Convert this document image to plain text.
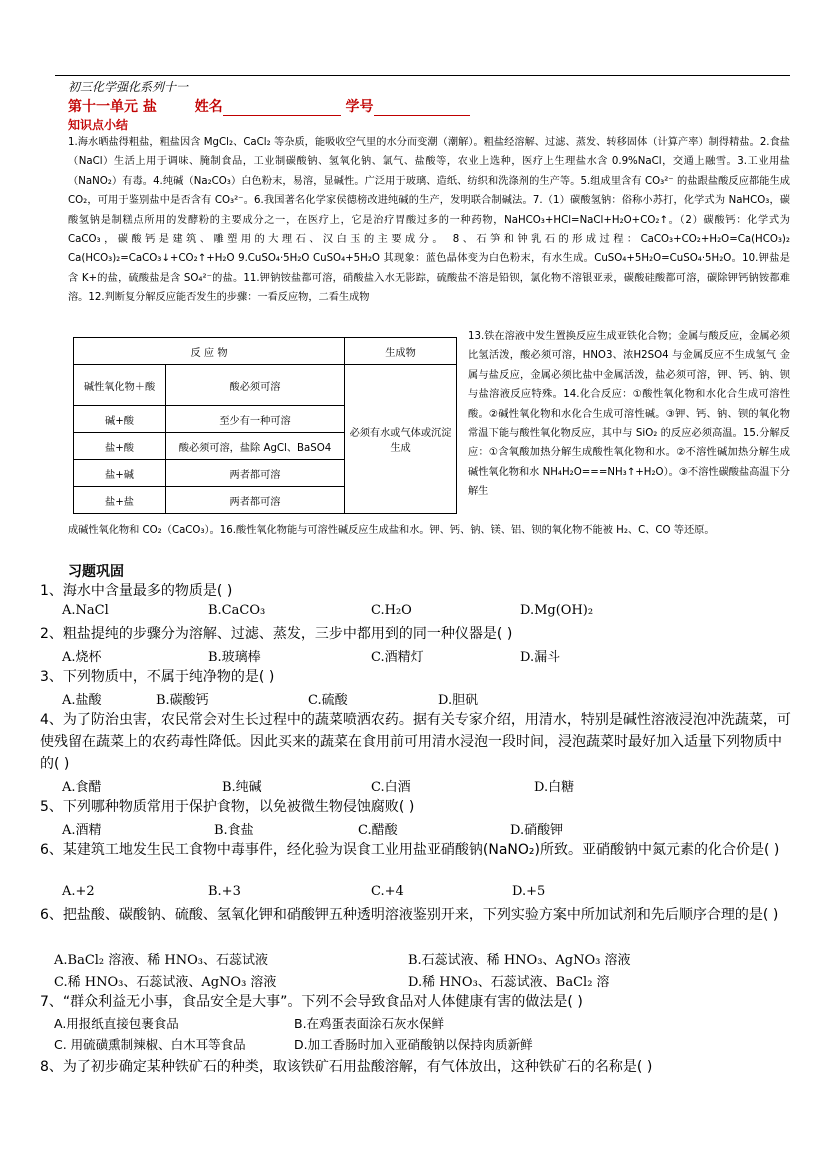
初三化学强化系列十一
第十一单元 盐	姓名	学号
知识点小结

1.海水晒盐得粗盐，粗盐因含 MgCl₂、CaCl₂ 等杂质，能吸收空气里的水分而变潮（潮解）。粗盐经溶解、过滤、蒸发、转移固体（计算产率）制得精盐。2.食盐（NaCl）生活上用于调味、腌制食品，工业制碳酸钠、氢氧化钠、氯气、盐酸等，农业上选种，医疗上生理盐水含 0.9%NaCl，交通上融雪。3.工业用盐（NaNO₂）有毒。4.纯碱（Na₂CO₃）白色粉末，易溶，显碱性。广泛用于玻璃、造纸、纺织和洗涤剂的生产等。5.组成里含有 CO₃²⁻ 的盐跟盐酸反应都能生成 CO₂，可用于鉴别盐中是否含有 CO₃²⁻。6.我国著名化学家侯德榜改进纯碱的生产，发明联合制碱法。7.（1）碳酸氢钠：俗称小苏打，化学式为 NaHCO₃，碳酸氢钠是制糕点所用的发酵粉的主要成分之一，在医疗上，它是治疗胃酸过多的一种药物，NaHCO₃+HCl=NaCl+H₂O+CO₂↑。（2）碳酸钙：化学式为 CaCO₃，碳酸钙是建筑、雕塑用的大理石、汉白玉的主要成分。 8、石笋和钟乳石的形成过程：CaCO₃+CO₂+H₂O=Ca(HCO₃)₂ Ca(HCO₃)₂=CaCO₃↓+CO₂↑+H₂O 9.CuSO₄·5H₂O CuSO₄+5H₂O 其现象：蓝色晶体变为白色粉末，有水生成。CuSO₄+5H₂O=CuSO₄·5H₂O。10.钾盐是含 K+的盐，硫酸盐是含 SO₄²⁻的盐。11.钾钠铵盐都可溶，硝酸盐入水无影踪，硫酸盐不溶是铅钡，氯化物不溶银亚汞，碳酸硅酸都可溶，碳除钾钙钠铵都难溶。12.判断复分解反应能否发生的步骤：一看反应物，二看生成物

反 应 物		生成物
碱性氧化物＋酸	酸必须可溶	必须有水或气体或沉淀生成
碱+酸	至少有一种可溶	
盐+酸	酸必须可溶，盐除 AgCl、BaSO4	
盐+碱	两者都可溶	
盐+盐	两者都可溶	
13.铁在溶液中发生置换反应生成亚铁化合物；金属与酸反应，金属必须比氢活泼，酸必须可溶，HNO3、浓H2SO4 与金属反应不生成氢气 金属与盐反应，金属必须比盐中金属活泼，盐必须可溶，钾、钙、钠、钡与盐溶液反应特殊。14.化合反应：①酸性氧化物和水化合生成可溶性酸。②碱性氧化物和水化合生成可溶性碱。③钾、钙、钠、钡的氧化物常温下能与酸性氧化物反应，其中与 SiO₂ 的反应必须高温。15.分解反应：①含氧酸加热分解生成酸性氧化物和水。②不溶性碱加热分解生成碱性氧化物和水 NH₄H₂O===NH₃↑+H₂O）。③不溶性碳酸盐高温下分解生
成碱性氧化物和 CO₂（CaCO₃）。16.酸性氧化物能与可溶性碱反应生成盐和水。钾、钙、钠、镁、铝、钡的氧化物不能被 H₂、C、CO 等还原。
习题巩固
1、海水中含量最多的物质是( )
A.NaCl	B.CaCO₃	C.H₂O	D.Mg(OH)₂
2、粗盐提纯的步骤分为溶解、过滤、蒸发，三步中都用到的同一种仪器是( )
A.烧杯	B.玻璃棒	C.酒精灯	D.漏斗
3、下列物质中，不属于纯净物的是( )
A.盐酸	B.碳酸钙	C.硫酸	D.胆矾
4、为了防治虫害，农民常会对生长过程中的蔬菜喷洒农药。据有关专家介绍，用清水，特别是碱性溶液浸泡冲洗蔬菜，可使残留在蔬菜上的农药毒性降低。因此买来的蔬菜在食用前可用清水浸泡一段时间，浸泡蔬菜时最好加入适量下列物质中的( )
A.食醋	B.纯碱	C.白酒	D.白糖
5、下列哪种物质常用于保护食物，以免被微生物侵蚀腐败( )
A.酒精	B.食盐	C.醋酸	D.硝酸钾
6、某建筑工地发生民工食物中毒事件，经化验为误食工业用盐亚硝酸钠(NaNO₂)所致。亚硝酸钠中氮元素的化合价是( )
A.+2	B.+3	C.+4	D.+5
6、把盐酸、碳酸钠、硫酸、氢氧化钾和硝酸钾五种透明溶液鉴别开来，下列实验方案中所加试剂和先后顺序合理的是( )
A.BaCl₂ 溶液、稀 HNO₃、石蕊试液	B.石蕊试液、稀 HNO₃、AgNO₃ 溶液
C.稀 HNO₃、石蕊试液、AgNO₃ 溶液	D.稀 HNO₃、石蕊试液、BaCl₂ 溶
7、“群众利益无小事，食品安全是大事”。下列不会导致食品对人体健康有害的做法是( )
A.用报纸直接包裹食品	B.在鸡蛋表面涂石灰水保鲜
C. 用硫磺熏制辣椒、白木耳等食品	D.加工香肠时加入亚硝酸钠以保持肉质新鲜
8、为了初步确定某种铁矿石的种类，取该铁矿石用盐酸溶解，有气体放出，这种铁矿石的名称是( )
